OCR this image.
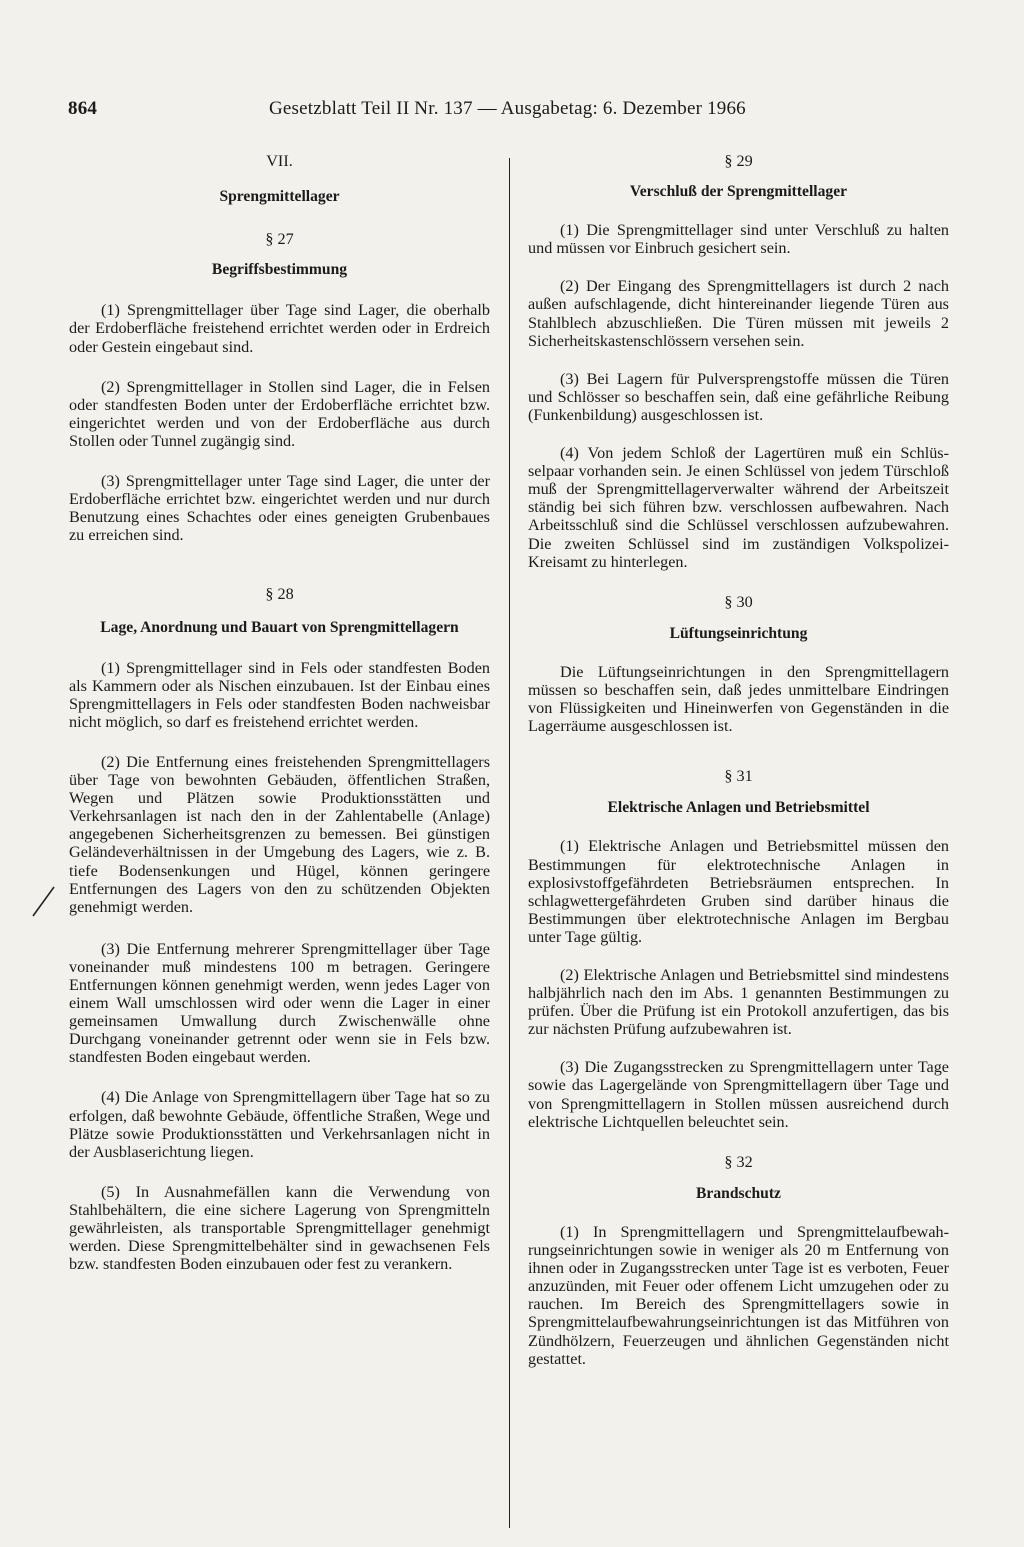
864	Gesetzblatt Teil II Nr. 137 — Ausgabetag: 6. Dezember 1966
VII.
Sprengmittellager
§ 27
Begriffsbestimmung

(1) Sprengmittellager über Tage sind Lager, die oberhalb der Erdoberfläche freistehend errichtet werden oder in Erdreich oder Gestein eingebaut sind.

(2) Sprengmittellager in Stollen sind Lager, die in Felsen oder standfesten Boden unter der Erdoberfläche errichtet bzw. eingerichtet werden und von der Erdoberfläche aus durch Stollen oder Tunnel zugängig sind.

(3) Sprengmittellager unter Tage sind Lager, die unter der Erdoberfläche errichtet bzw. eingerichtet werden und nur durch Benutzung eines Schachtes oder eines geneigten Grubenbaues zu erreichen sind.

§ 28
Lage, Anordnung und Bauart von Sprengmittellagern

(1) Sprengmittellager sind in Fels oder standfesten Boden als Kammern oder als Nischen einzubauen. Ist der Einbau eines Sprengmittellagers in Fels oder standfesten Boden nachweisbar nicht möglich, so darf es freistehend errichtet werden.

(2) Die Entfernung eines freistehenden Sprengmittellagers über Tage von bewohnten Gebäuden, öffentlichen Straßen, Wegen und Plätzen sowie Produktionsstätten und Verkehrsanlagen ist nach den in der Zahlentabelle (Anlage) angegebenen Sicherheitsgrenzen zu bemessen. Bei günstigen Geländeverhältnissen in der Umgebung des Lagers, wie z. B. tiefe Bodensenkungen und Hügel, können geringere Entfernungen des Lagers von den zu schützenden Objekten genehmigt werden.

(3) Die Entfernung mehrerer Sprengmittellager über Tage voneinander muß mindestens 100 m betragen. Geringere Entfernungen können genehmigt werden, wenn jedes Lager von einem Wall umschlossen wird oder wenn die Lager in einer gemeinsamen Umwallung durch Zwischenwälle ohne Durchgang voneinander getrennt oder wenn sie in Fels bzw. standfesten Boden eingebaut werden.

(4) Die Anlage von Sprengmittellagern über Tage hat so zu erfolgen, daß bewohnte Gebäude, öffentliche Straßen, Wege und Plätze sowie Produktionsstätten und Verkehrsanlagen nicht in der Ausblaserichtung liegen.

(5) In Ausnahmefällen kann die Verwendung von Stahlbehältern, die eine sichere Lagerung von Sprengmitteln gewährleisten, als transportable Sprengmittellager genehmigt werden. Diese Sprengmittelbehälter sind in gewachsenen Fels bzw. standfesten Boden einzubauen oder fest zu verankern.

§ 29
Verschluß der Sprengmittellager

(1) Die Sprengmittellager sind unter Verschluß zu halten und müssen vor Einbruch gesichert sein.

(2) Der Eingang des Sprengmittellagers ist durch 2 nach außen aufschlagende, dicht hintereinander liegende Türen aus Stahlblech abzuschließen. Die Türen müssen mit jeweils 2 Sicherheitskastenschlössern versehen sein.

(3) Bei Lagern für Pulversprengstoffe müssen die Türen und Schlösser so beschaffen sein, daß eine gefährliche Reibung (Funkenbildung) ausgeschlossen ist.

(4) Von jedem Schloß der Lagertüren muß ein Schlüsselpaar vorhanden sein. Je einen Schlüssel von jedem Türschloß muß der Sprengmittellagerverwalter während der Arbeitszeit ständig bei sich führen bzw. verschlossen aufbewahren. Nach Arbeitsschluß sind die Schlüssel verschlossen aufzubewahren. Die zweiten Schlüssel sind im zuständigen Volkspolizei-Kreisamt zu hinterlegen.

§ 30
Lüftungseinrichtung

Die Lüftungseinrichtungen in den Sprengmittellagern müssen so beschaffen sein, daß jedes unmittelbare Eindringen von Flüssigkeiten und Hineinwerfen von Gegenständen in die Lagerräume ausgeschlossen ist.

§ 31
Elektrische Anlagen und Betriebsmittel

(1) Elektrische Anlagen und Betriebsmittel müssen den Bestimmungen für elektrotechnische Anlagen in explosivstoffgefährdeten Betriebsräumen entsprechen. In schlagwettergefährdeten Gruben sind darüber hinaus die Bestimmungen über elektrotechnische Anlagen im Bergbau unter Tage gültig.

(2) Elektrische Anlagen und Betriebsmittel sind mindestens halbjährlich nach den im Abs. 1 genannten Bestimmungen zu prüfen. Über die Prüfung ist ein Protokoll anzufertigen, das bis zur nächsten Prüfung aufzubewahren ist.

(3) Die Zugangsstrecken zu Sprengmittellagern unter Tage sowie das Lagergelände von Sprengmittellagern über Tage und von Sprengmittellagern in Stollen müssen ausreichend durch elektrische Lichtquellen beleuchtet sein.

§ 32
Brandschutz

(1) In Sprengmittellagern und Sprengmittelaufbewahrungseinrichtungen sowie in weniger als 20 m Entfernung von ihnen oder in Zugangsstrecken unter Tage ist es verboten, Feuer anzuzünden, mit Feuer oder offenem Licht umzugehen oder zu rauchen. Im Bereich des Sprengmittellagers sowie in Sprengmittelaufbewahrungseinrichtungen ist das Mitführen von Zündhölzern, Feuerzeugen und ähnlichen Gegenständen nicht gestattet.
